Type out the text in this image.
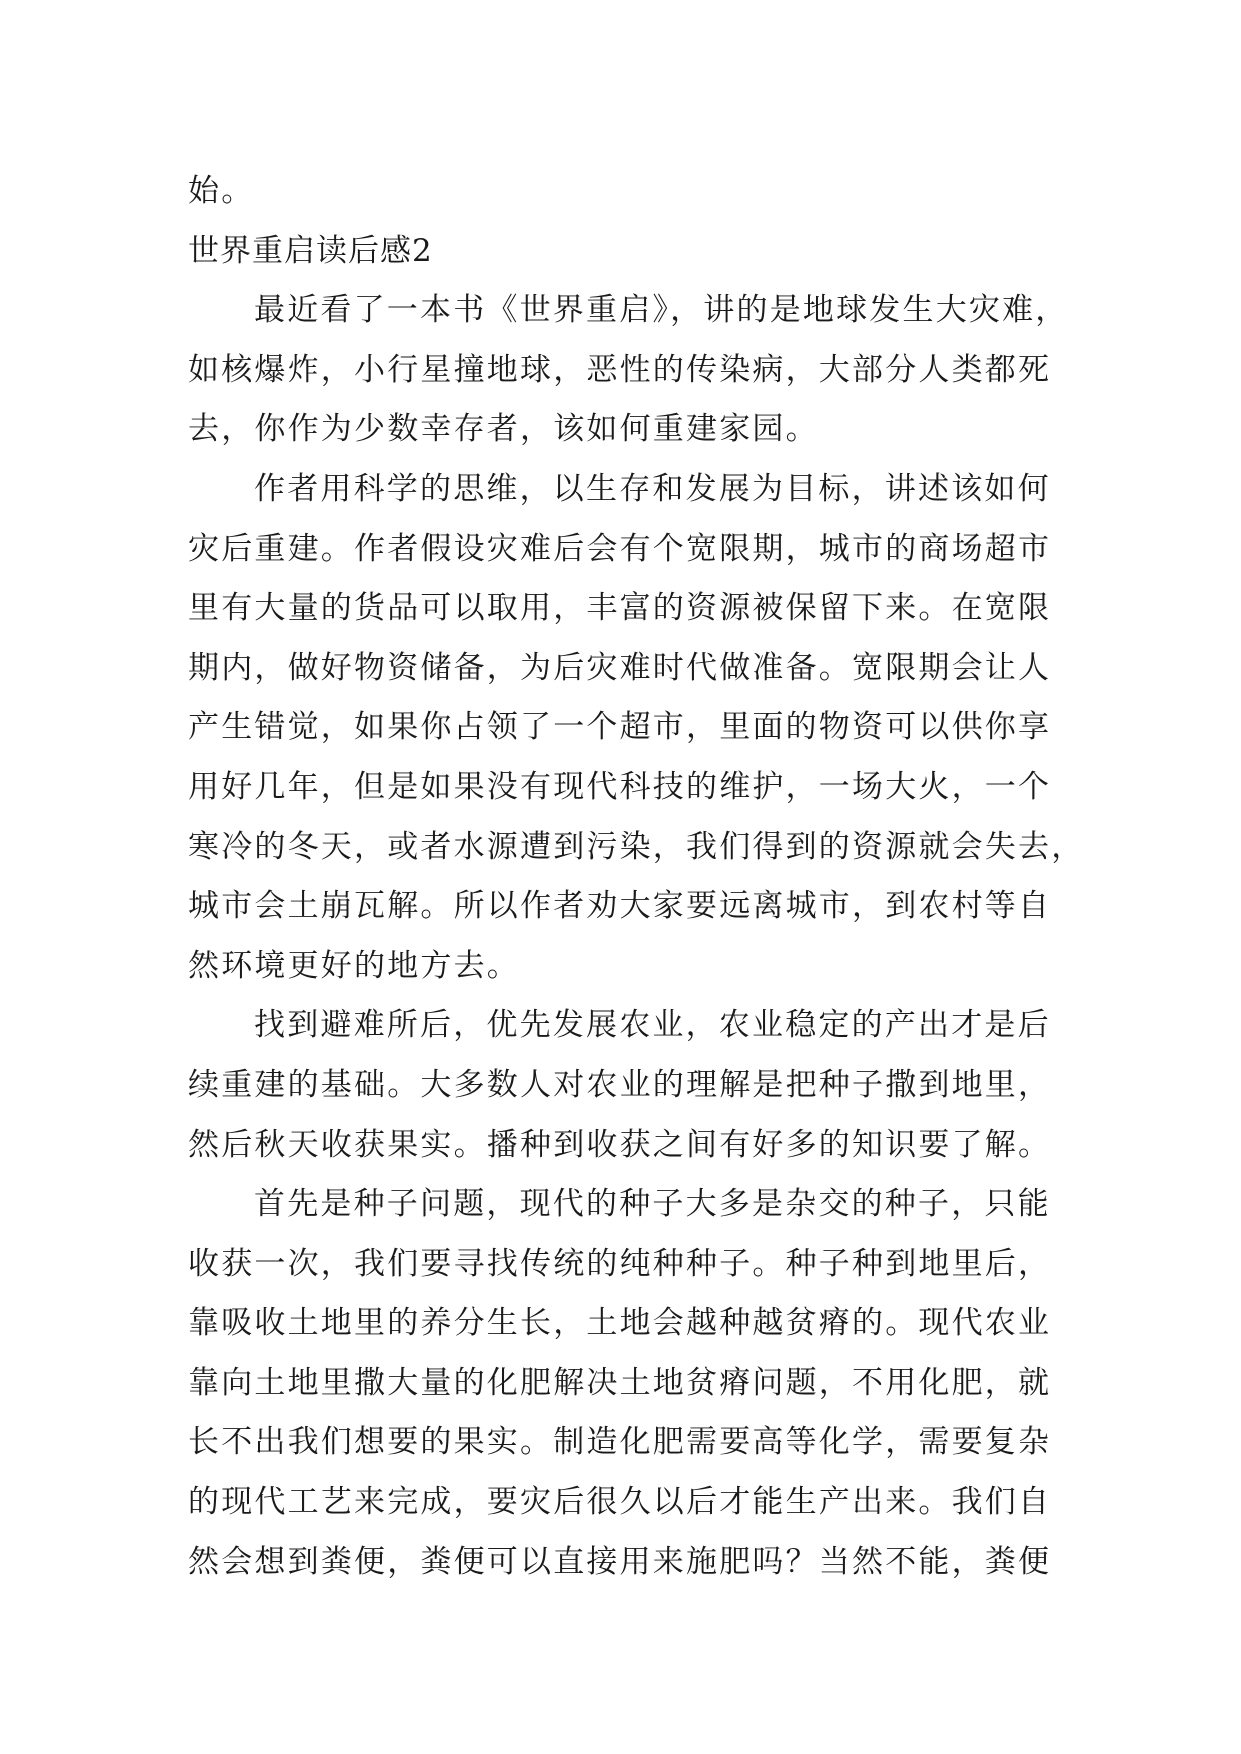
始。
世界重启读后感2
最近看了一本书《世界重启》，讲的是地球发生大灾难，
如核爆炸，小行星撞地球，恶性的传染病，大部分人类都死
去，你作为少数幸存者，该如何重建家园。
作者用科学的思维，以生存和发展为目标，讲述该如何
灾后重建。作者假设灾难后会有个宽限期，城市的商场超市
里有大量的货品可以取用，丰富的资源被保留下来。在宽限
期内，做好物资储备，为后灾难时代做准备。宽限期会让人
产生错觉，如果你占领了一个超市，里面的物资可以供你享
用好几年，但是如果没有现代科技的维护，一场大火，一个
寒冷的冬天，或者水源遭到污染，我们得到的资源就会失去，
城市会土崩瓦解。所以作者劝大家要远离城市，到农村等自
然环境更好的地方去。
找到避难所后，优先发展农业，农业稳定的产出才是后
续重建的基础。大多数人对农业的理解是把种子撒到地里，
然后秋天收获果实。播种到收获之间有好多的知识要了解。
首先是种子问题，现代的种子大多是杂交的种子，只能
收获一次，我们要寻找传统的纯种种子。种子种到地里后，
靠吸收土地里的养分生长，土地会越种越贫瘠的。现代农业
靠向土地里撒大量的化肥解决土地贫瘠问题，不用化肥，就
长不出我们想要的果实。制造化肥需要高等化学，需要复杂
的现代工艺来完成，要灾后很久以后才能生产出来。我们自
然会想到粪便，粪便可以直接用来施肥吗？当然不能，粪便
